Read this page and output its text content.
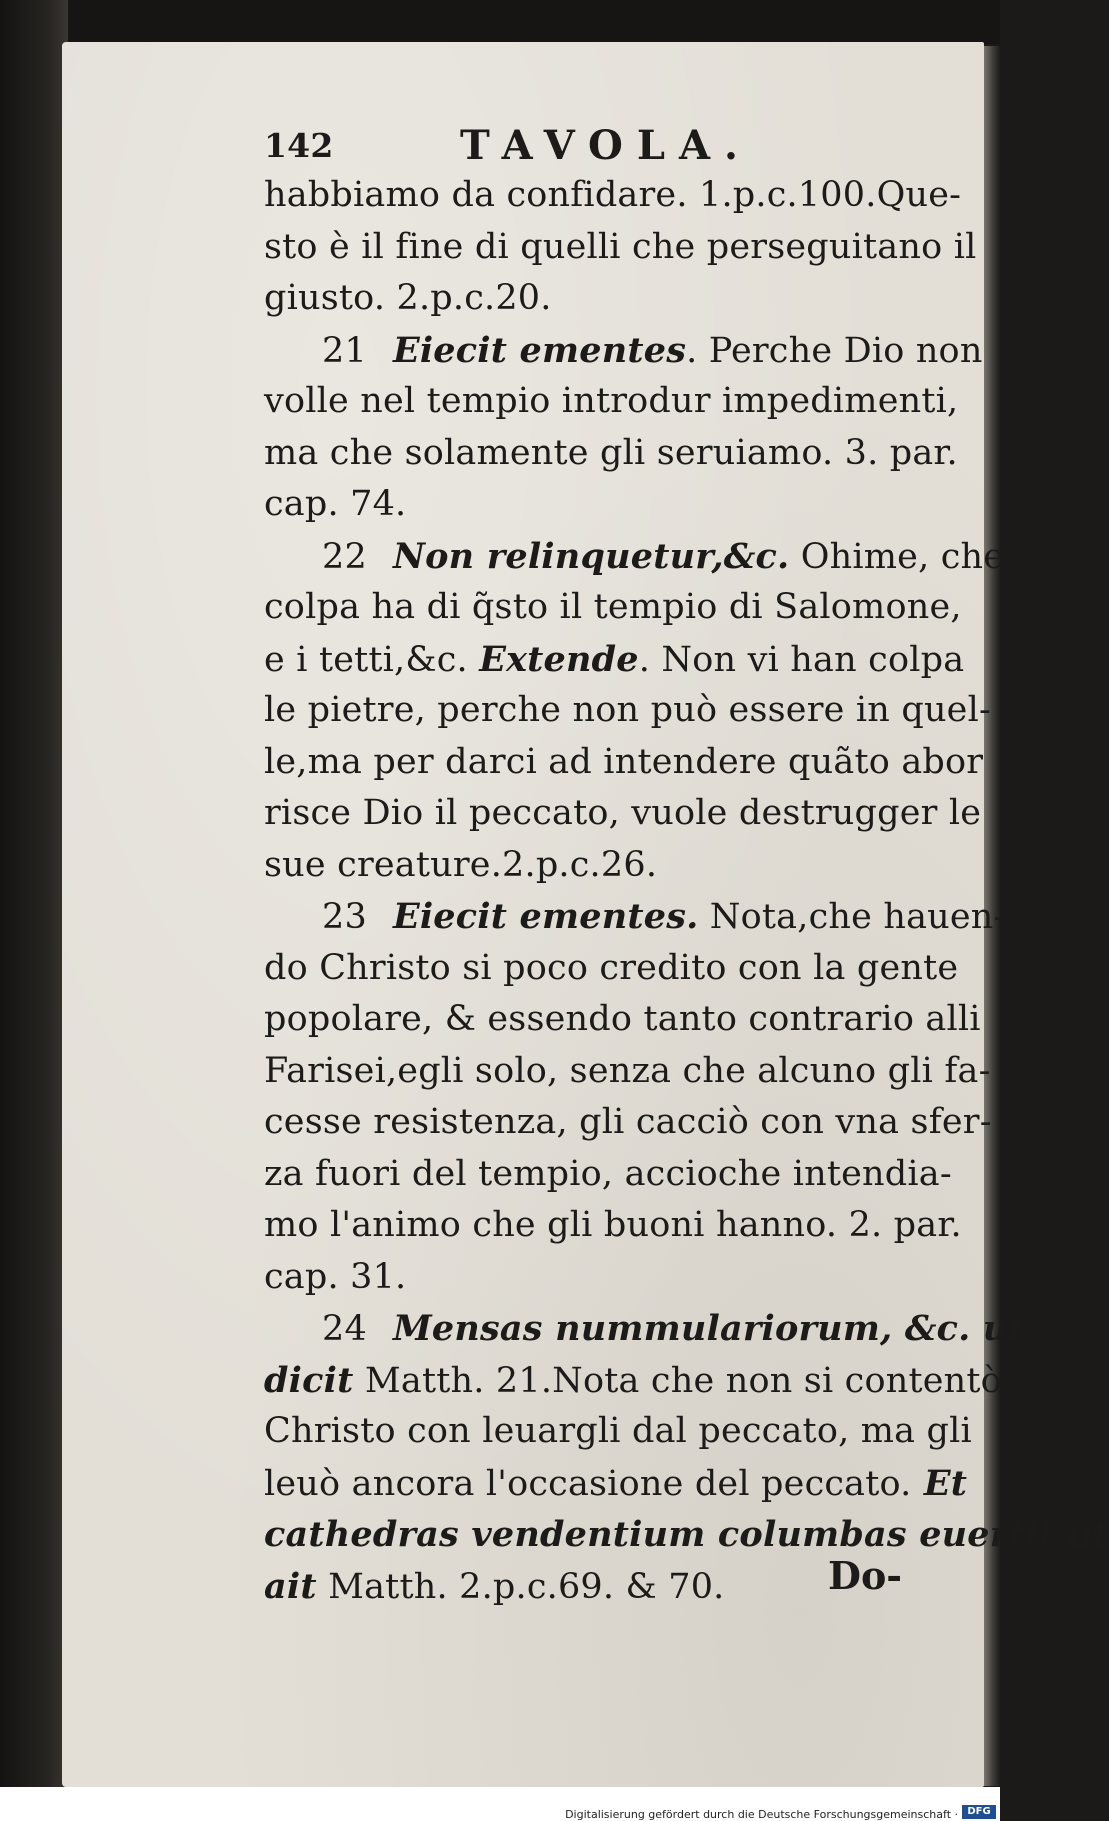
142	TAVOLA.
habbiamo da confidare. 1.p.c.100.Que-
sto è il fine di quelli che perseguitano il
giusto. 2.p.c.20.
21 Eiecit ementes. Perche Dio non
volle nel tempio introdur impedimenti,
ma che solamente gli seruiamo. 3. par.
cap. 74.
22 Non relinquetur,&c. Ohime, che
colpa ha di q̃sto il tempio di Salomone,
e i tetti,&c. Extende. Non vi han colpa
le pietre, perche non può essere in quel-
le,ma per darci ad intendere quãto abor
risce Dio il peccato, vuole destrugger le
sue creature.2.p.c.26.
23 Eiecit ementes. Nota,che hauen-
do Christo si poco credito con la gente
popolare, & essendo tanto contrario alli
Farisei,egli solo, senza che alcuno gli fa-
cesse resistenza, gli cacciò con vna sfer-
za fuori del tempio, accioche intendia-
mo l'animo che gli buoni hanno. 2. par.
cap. 31.
24 Mensas nummulariorum, &c. ut
dicit Matth. 21.Nota che non si contentò
Christo con leuargli dal peccato, ma gli
leuò ancora l'occasione del peccato. Et
cathedras vendentium columbas euertit,ut
ait Matth. 2.p.c.69. & 70.	Do-
Digitalisierung gefördert durch die Deutsche Forschungsgemeinschaft · DFG
